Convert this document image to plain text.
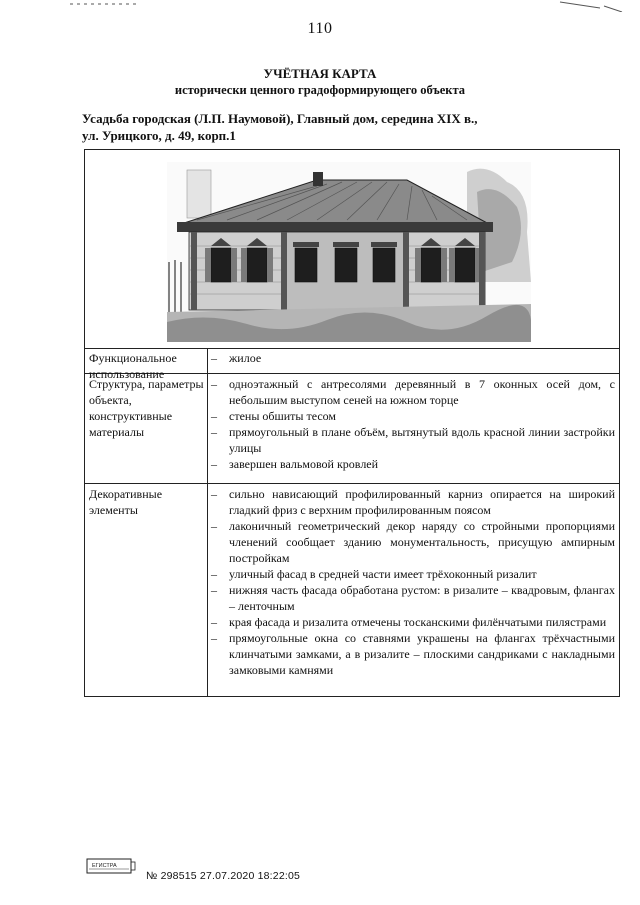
110
УЧЁТНАЯ КАРТА
исторически ценного градоформирующего объекта
Усадьба городская (Л.П. Наумовой), Главный дом, середина XIX в.,
ул. Урицкого, д. 49, корп.1
Функциональное использование
–	жилое
Структура, параметры объекта, конструктивные материалы
–	одноэтажный с антресолями деревянный в 7 оконных осей дом, с небольшим выступом сеней на южном торце
–	стены обшиты тесом
–	прямоугольный в плане объём, вытянутый вдоль красной линии застройки улицы
–	завершен вальмовой кровлей
Декоративные элементы
–	сильно нависающий профилированный карниз опирается на широкий гладкий фриз с верхним профилированным поясом
–	лаконичный геометрический декор наряду со стройными пропорциями членений сообщает зданию монументальность, присущую ампирным постройкам
–	уличный фасад в средней части имеет трёхоконный ризалит
–	нижняя часть фасада обработана рустом: в ризалите – квадровым, флангах – ленточным
–	края фасада и ризалита отмечены тосканскими филёнчатыми пилястрами
–	прямоугольные окна со ставнями украшены на флангах трёхчастными клинчатыми замками, а в ризалите – плоскими сандриками с накладными замковыми камнями
ЕГИСТРА
№ 298515 27.07.2020 18:22:05
